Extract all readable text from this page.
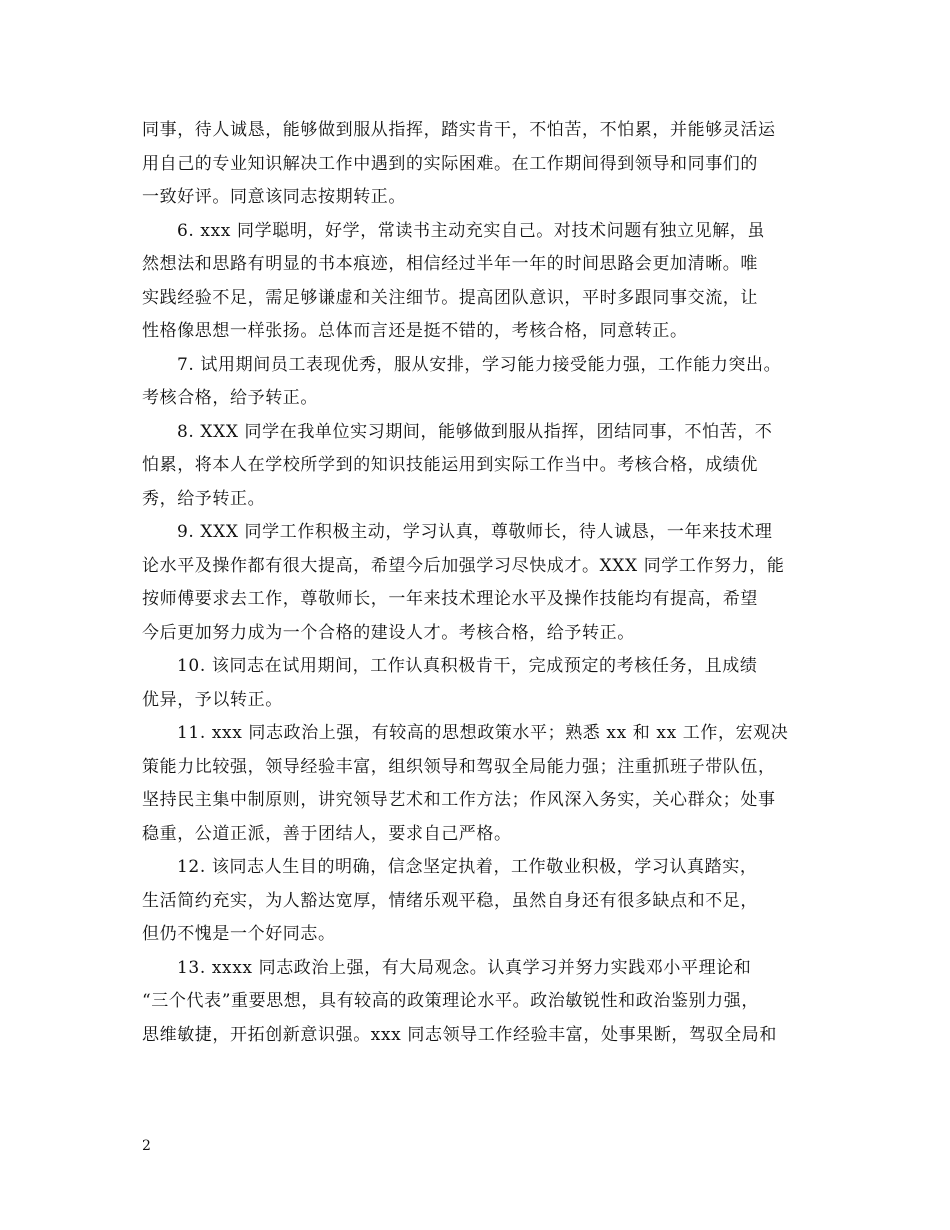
同事，待人诚恳，能够做到服从指挥，踏实肯干，不怕苦，不怕累，并能够灵活运
用自己的专业知识解决工作中遇到的实际困难。在工作期间得到领导和同事们的
一致好评。同意该同志按期转正。
6. xxx 同学聪明，好学，常读书主动充实自己。对技术问题有独立见解，虽
然想法和思路有明显的书本痕迹，相信经过半年一年的时间思路会更加清晰。唯
实践经验不足，需足够谦虚和关注细节。提高团队意识，平时多跟同事交流，让
性格像思想一样张扬。总体而言还是挺不错的，考核合格，同意转正。
7. 试用期间员工表现优秀，服从安排，学习能力接受能力强，工作能力突出。
考核合格，给予转正。
8. XXX 同学在我单位实习期间，能够做到服从指挥，团结同事，不怕苦，不
怕累，将本人在学校所学到的知识技能运用到实际工作当中。考核合格，成绩优
秀，给予转正。
9. XXX 同学工作积极主动，学习认真，尊敬师长，待人诚恳，一年来技术理
论水平及操作都有很大提高，希望今后加强学习尽快成才。XXX 同学工作努力，能
按师傅要求去工作，尊敬师长，一年来技术理论水平及操作技能均有提高，希望
今后更加努力成为一个合格的建设人才。考核合格，给予转正。
10. 该同志在试用期间，工作认真积极肯干，完成预定的考核任务，且成绩
优异，予以转正。
11. xxx 同志政治上强，有较高的思想政策水平；熟悉 xx 和 xx 工作，宏观决
策能力比较强，领导经验丰富，组织领导和驾驭全局能力强；注重抓班子带队伍，
坚持民主集中制原则，讲究领导艺术和工作方法；作风深入务实，关心群众；处事
稳重，公道正派，善于团结人，要求自己严格。
12. 该同志人生目的明确，信念坚定执着，工作敬业积极，学习认真踏实，
生活简约充实，为人豁达宽厚，情绪乐观平稳，虽然自身还有很多缺点和不足，
但仍不愧是一个好同志。
13. xxxx 同志政治上强，有大局观念。认真学习并努力实践邓小平理论和
“三个代表”重要思想，具有较高的政策理论水平。政治敏锐性和政治鉴别力强，
思维敏捷，开拓创新意识强。xxx 同志领导工作经验丰富，处事果断，驾驭全局和
2
